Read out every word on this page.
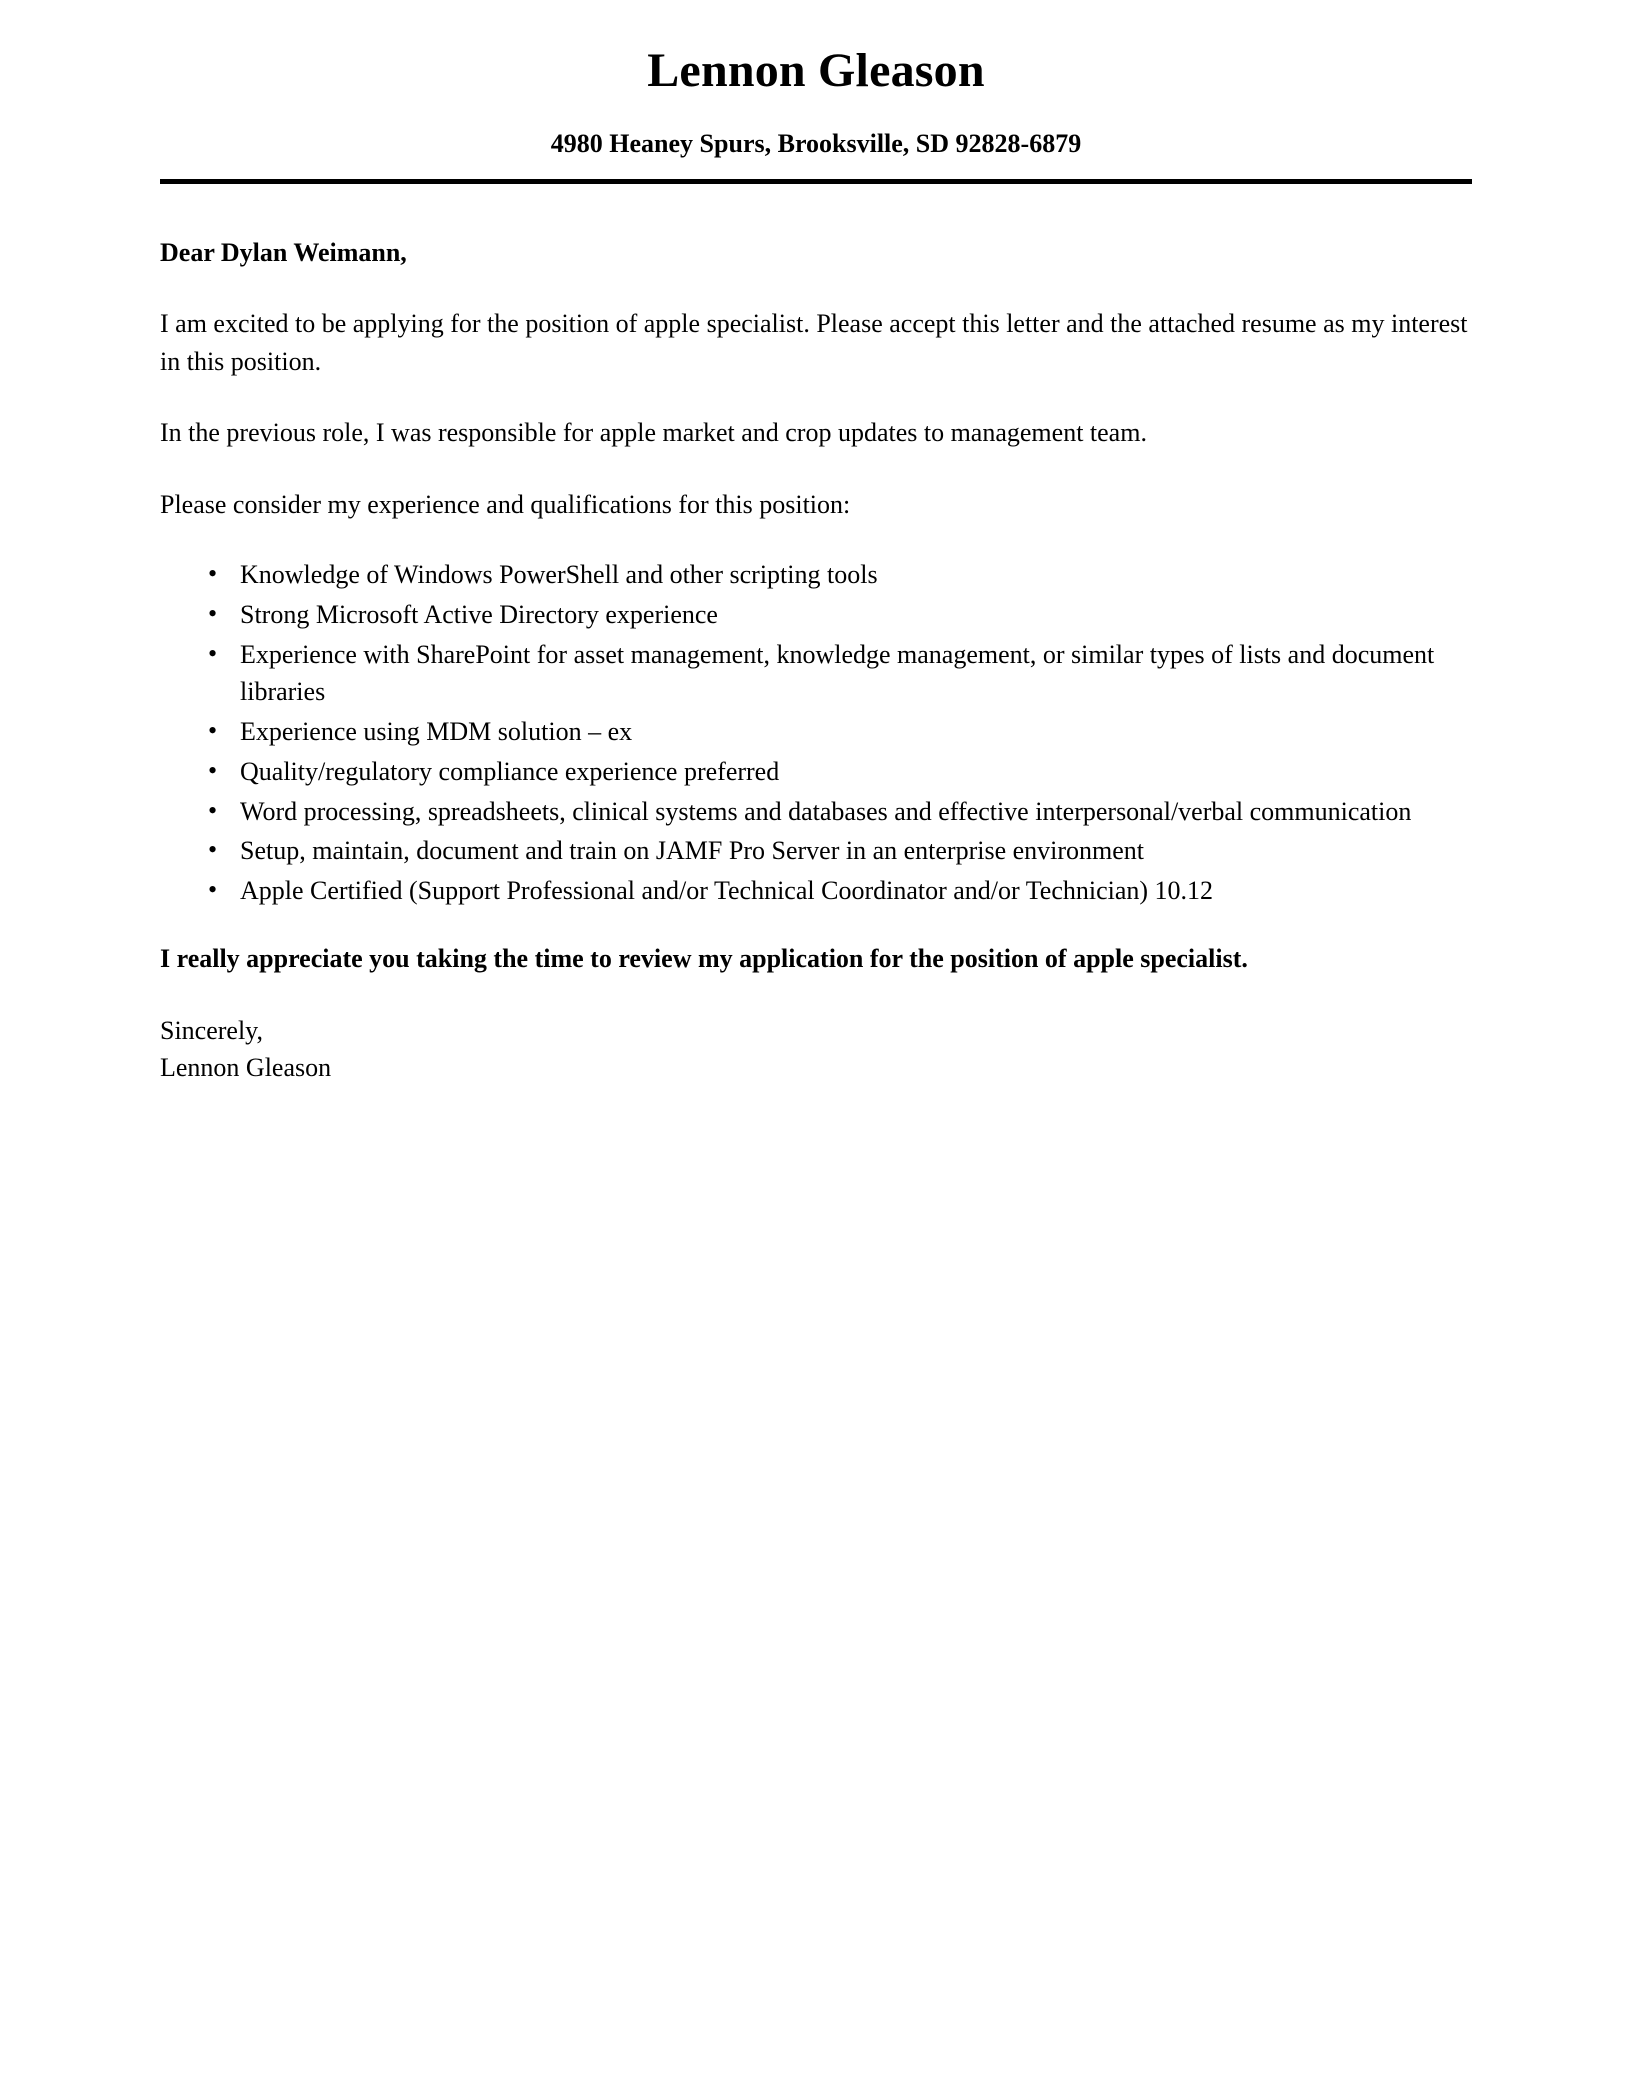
Lennon Gleason
4980 Heaney Spurs, Brooksville, SD 92828-6879

Dear Dylan Weimann,

I am excited to be applying for the position of apple specialist. Please accept this letter and the attached resume as my interest in this position.

In the previous role, I was responsible for apple market and crop updates to management team.

Please consider my experience and qualifications for this position:

• Knowledge of Windows PowerShell and other scripting tools
• Strong Microsoft Active Directory experience
• Experience with SharePoint for asset management, knowledge management, or similar types of lists and document libraries
• Experience using MDM solution – ex
• Quality/regulatory compliance experience preferred
• Word processing, spreadsheets, clinical systems and databases and effective interpersonal/verbal communication
• Setup, maintain, document and train on JAMF Pro Server in an enterprise environment
• Apple Certified (Support Professional and/or Technical Coordinator and/or Technician) 10.12

I really appreciate you taking the time to review my application for the position of apple specialist.

Sincerely,
Lennon Gleason
